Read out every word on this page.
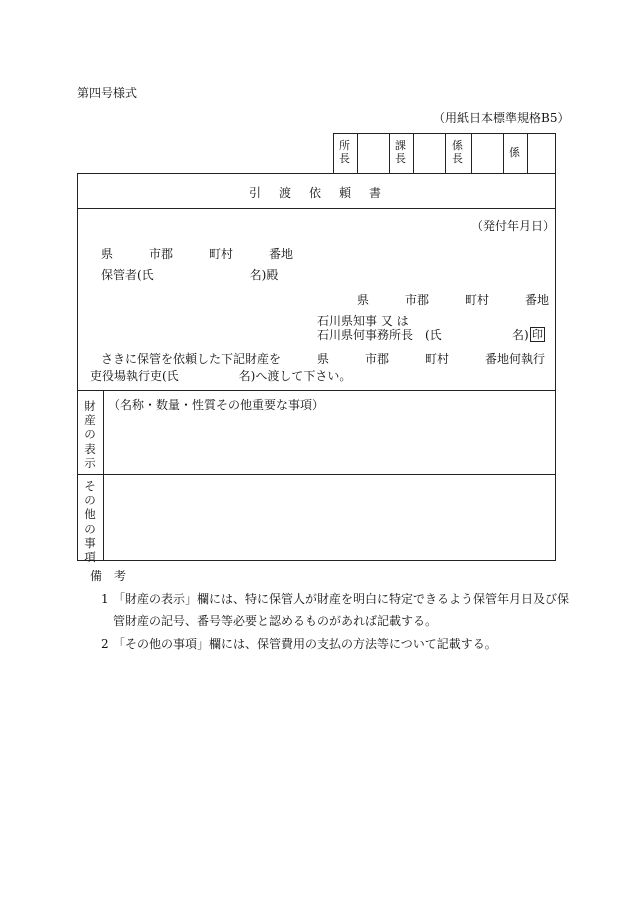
第四号様式
（用紙日本標準規格B5）
所
長
課
長
係
長	係
引　渡　依　頼　書
（発付年月日）
県　　　市郡　　　町村　　　番地
保管者(氏　　　　　　　　名)殿
県　　　市郡　　　町村　　　番地
石川県知事 又 は
石川県何事務所長　(氏	名) 印
さきに保管を依頼した下記財産を　　　県　　　市郡　　　町村　　　番地何執行
吏役場執行吏(氏　　　　　名)へ渡して下さい。
財産の表示
（名称・数量・性質その他重要な事項）
その他の事項
備　考
1 「財産の表示」欄には、特に保管人が財産を明白に特定できるよう保管年月日及び保
管財産の記号、番号等必要と認めるものがあれば記載する。
2 「その他の事項」欄には、保管費用の支払の方法等について記載する。
